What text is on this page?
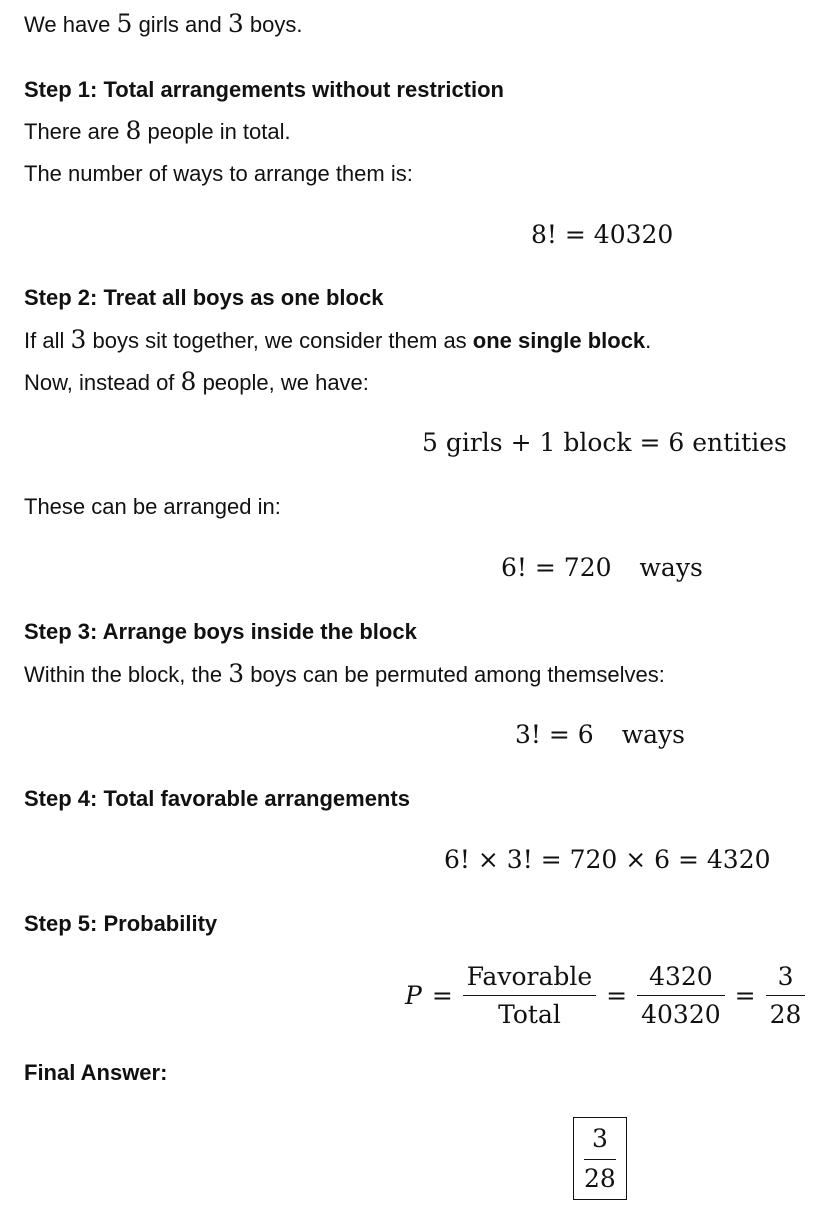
We have 5 girls and 3 boys.
Step 1: Total arrangements without restriction
There are 8 people in total.
The number of ways to arrange them is:
8! = 40320
Step 2: Treat all boys as one block
If all 3 boys sit together, we consider them as one single block.
Now, instead of 8 people, we have:
5 girls + 1 block = 6 entities
These can be arranged in:
6! = 720 ways
Step 3: Arrange boys inside the block
Within the block, the 3 boys can be permuted among themselves:
3! = 6 ways
Step 4: Total favorable arrangements
6! × 3! = 720 × 6 = 4320
Step 5: Probability
$P = \frac{\text{Favorable}}{\text{Total}} = \frac{4320}{40320} = \frac{3}{28}$
Final Answer:
$\frac{3}{28}$
